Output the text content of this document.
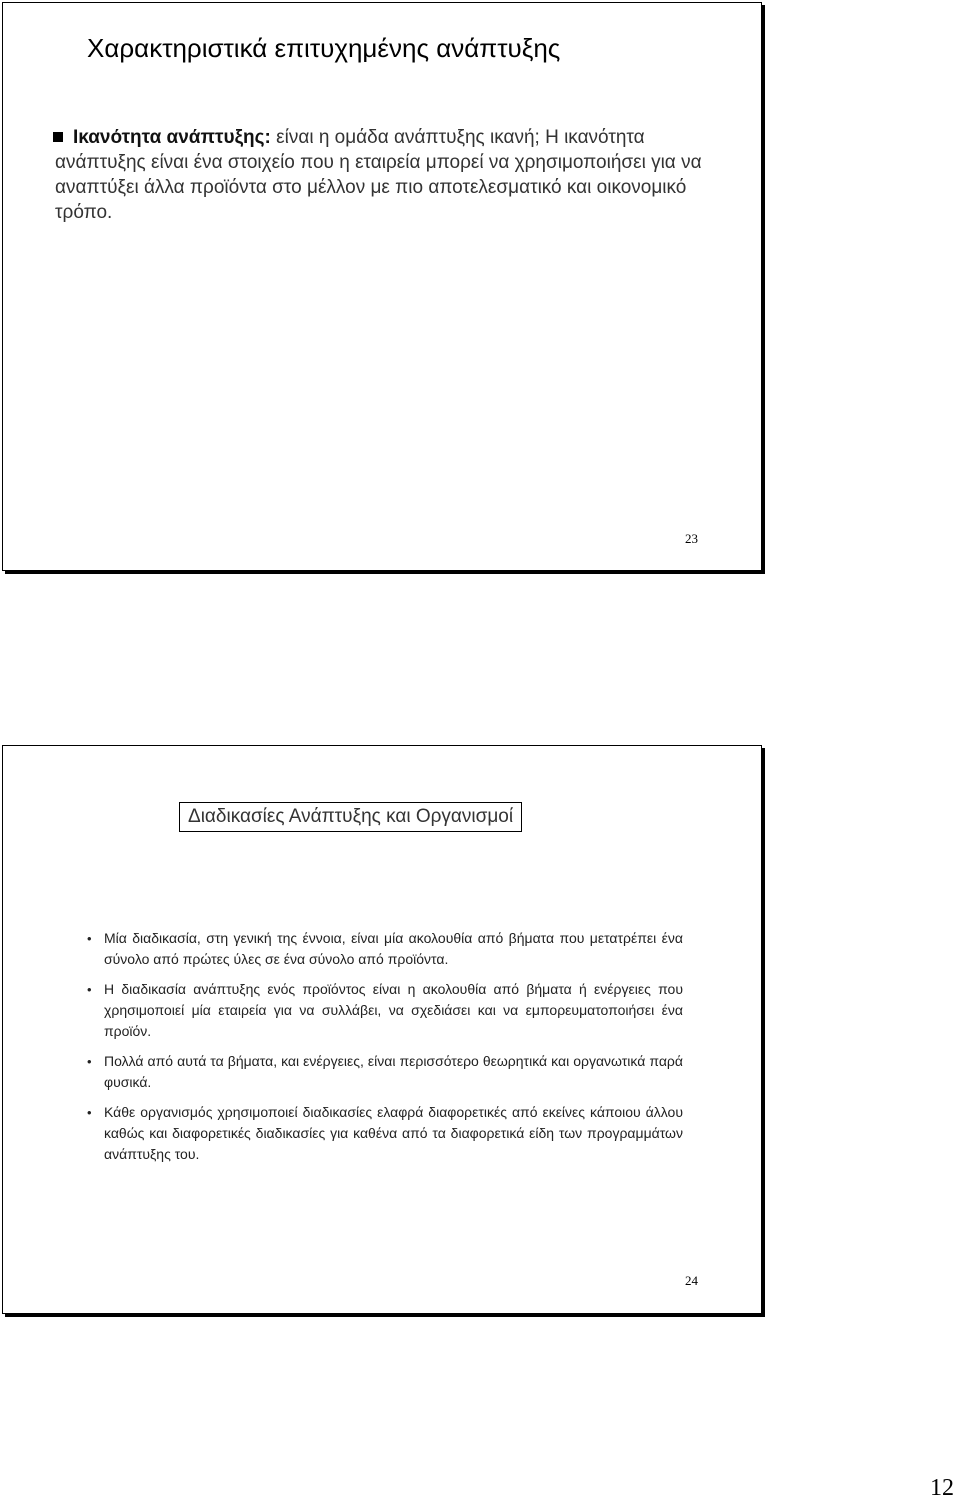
Χαρακτηριστικά επιτυχημένης ανάπτυξης

Ικανότητα ανάπτυξης: είναι η ομάδα ανάπτυξης ικανή; Η ικανότητα ανάπτυξης είναι ένα στοιχείο που η εταιρεία μπορεί να χρησιμοποιήσει για να αναπτύξει άλλα προϊόντα στο μέλλον με πιο αποτελεσματικό και οικονομικό τρόπο.

23
Διαδικασίες Ανάπτυξης και Οργανισμοί
• Μία διαδικασία, στη γενική της έννοια, είναι μία ακολουθία από βήματα που μετατρέπει ένα σύνολο από πρώτες ύλες σε ένα σύνολο από προϊόντα.
• Η διαδικασία ανάπτυξης ενός προϊόντος είναι η ακολουθία από βήματα ή ενέργειες που χρησιμοποιεί μία εταιρεία για να συλλάβει, να σχεδιάσει και να εμπορευματοποιήσει ένα προϊόν.
• Πολλά από αυτά τα βήματα, και ενέργειες, είναι περισσότερο θεωρητικά και οργανωτικά παρά φυσικά.
• Κάθε οργανισμός χρησιμοποιεί διαδικασίες ελαφρά διαφορετικές από εκείνες κάποιου άλλου καθώς και διαφορετικές διαδικασίες για καθένα από τα διαφορετικά είδη των προγραμμάτων ανάπτυξης του.
24
12
